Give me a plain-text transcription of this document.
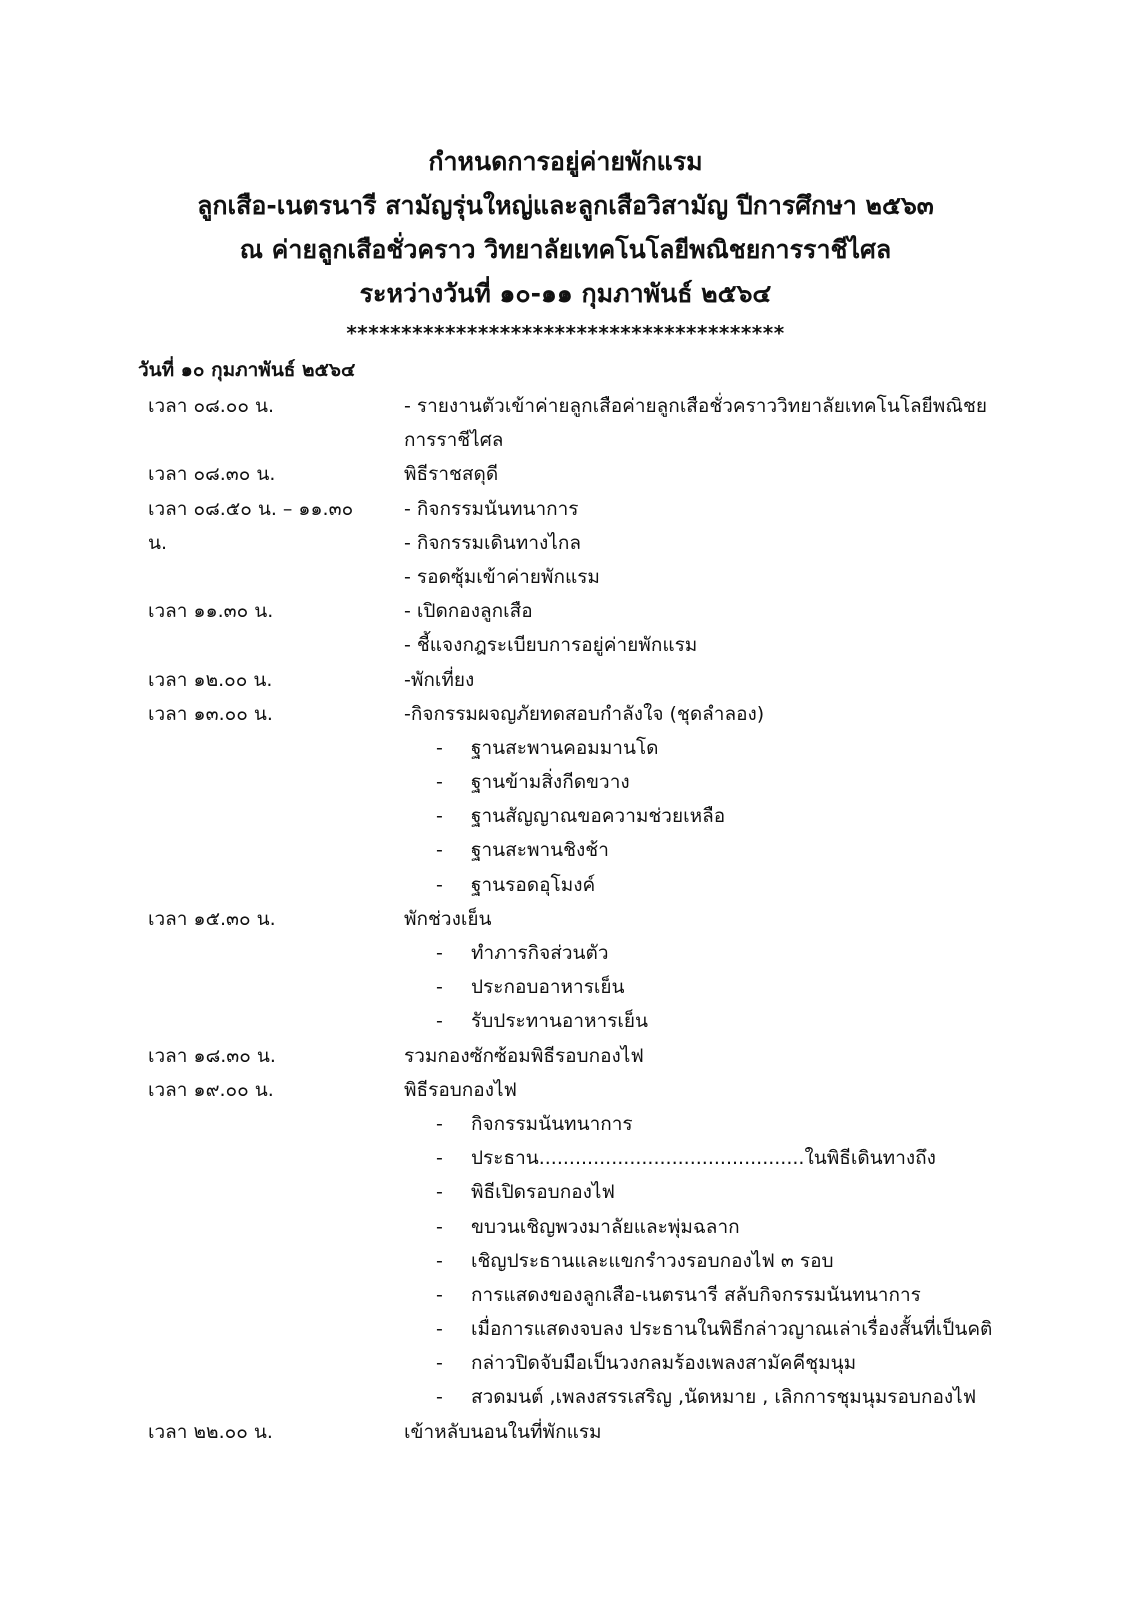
กำหนดการอยู่ค่ายพักแรม
ลูกเสือ-เนตรนารี สามัญรุ่นใหญ่และลูกเสือวิสามัญ ปีการศึกษา ๒๕๖๓
ณ ค่ายลูกเสือชั่วคราว วิทยาลัยเทคโนโลยีพณิชยการราชีไศล
ระหว่างวันที่ ๑๐-๑๑ กุมภาพันธ์ ๒๕๖๔
****************************************
วันที่ ๑๐ กุมภาพันธ์ ๒๕๖๔
เวลา ๐๘.๐๐ น.	- รายงานตัวเข้าค่ายลูกเสือค่ายลูกเสือชั่วคราววิทยาลัยเทคโนโลยีพณิชย
การราชีไศล
เวลา ๐๘.๓๐ น.	พิธีราชสดุดี
เวลา ๐๘.๕๐ น. – ๑๑.๓๐	- กิจกรรมนันทนาการ
น.	- กิจกรรมเดินทางไกล
- รอดซุ้มเข้าค่ายพักแรม
เวลา ๑๑.๓๐ น.	- เปิดกองลูกเสือ
- ชี้แจงกฎระเบียบการอยู่ค่ายพักแรม
เวลา ๑๒.๐๐ น.	-พักเที่ยง
เวลา ๑๓.๐๐ น.	-กิจกรรมผจญภัยทดสอบกำลังใจ (ชุดลำลอง)
- ฐานสะพานคอมมานโด
- ฐานข้ามสิ่งกีดขวาง
- ฐานสัญญาณขอความช่วยเหลือ
- ฐานสะพานชิงช้า
- ฐานรอดอุโมงค์
เวลา ๑๕.๓๐ น.	พักช่วงเย็น
- ทำภารกิจส่วนตัว
- ประกอบอาหารเย็น
- รับประทานอาหารเย็น
เวลา ๑๘.๓๐ น.	รวมกองซักซ้อมพิธีรอบกองไฟ
เวลา ๑๙.๐๐ น.	พิธีรอบกองไฟ
- กิจกรรมนันทนาการ
- ประธาน............................................ในพิธีเดินทางถึง
- พิธีเปิดรอบกองไฟ
- ขบวนเชิญพวงมาลัยและพุ่มฉลาก
- เชิญประธานและแขกรำวงรอบกองไฟ ๓ รอบ
- การแสดงของลูกเสือ-เนตรนารี สลับกิจกรรมนันทนาการ
- เมื่อการแสดงจบลง ประธานในพิธีกล่าวญาณเล่าเรื่องสั้นที่เป็นคติ
- กล่าวปิดจับมือเป็นวงกลมร้องเพลงสามัคคีชุมนุม
- สวดมนต์ ,เพลงสรรเสริญ ,นัดหมาย , เลิกการชุมนุมรอบกองไฟ
เวลา ๒๒.๐๐ น.	เข้าหลับนอนในที่พักแรม
